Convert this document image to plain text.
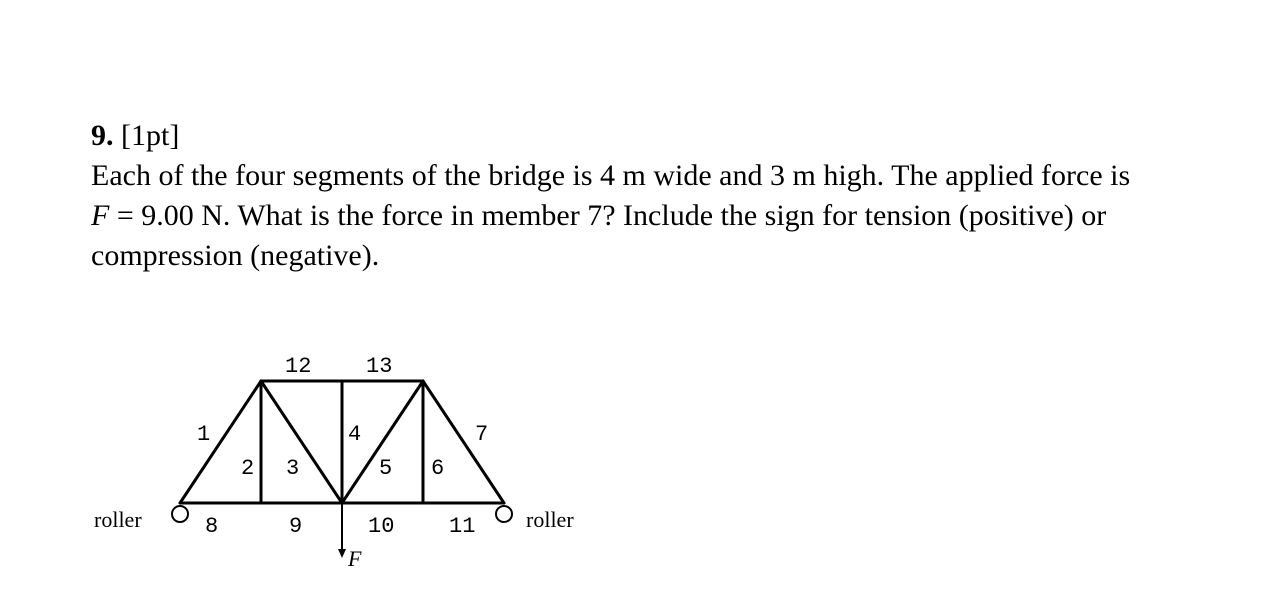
9. [1pt]
Each of the four segments of the bridge is 4 m wide and 3 m high. The applied force is
F = 9.00 N. What is the force in member 7? Include the sign for tension (positive) or
compression (negative).
F
12 13
1
2 3
4
5 6
7
8	9	10 11
roller	roller
